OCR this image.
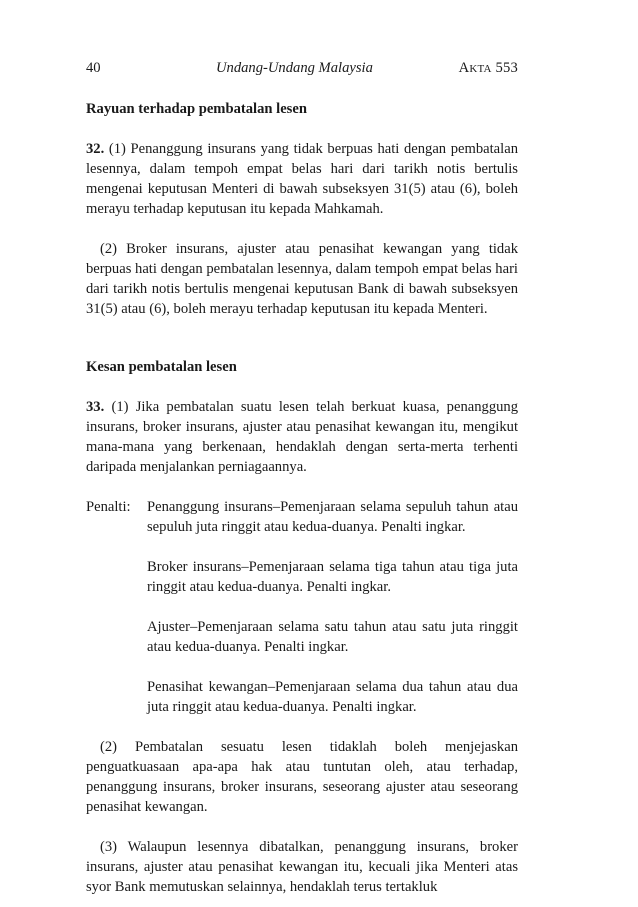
40	Undang-Undang Malaysia	AKTA 553

Rayuan terhadap pembatalan lesen

32. (1) Penanggung insurans yang tidak berpuas hati dengan pembatalan lesennya, dalam tempoh empat belas hari dari tarikh notis bertulis mengenai keputusan Menteri di bawah subseksyen 31(5) atau (6), boleh merayu terhadap keputusan itu kepada Mahkamah.

(2) Broker insurans, ajuster atau penasihat kewangan yang tidak berpuas hati dengan pembatalan lesennya, dalam tempoh empat belas hari dari tarikh notis bertulis mengenai keputusan Bank di bawah subseksyen 31(5) atau (6), boleh merayu terhadap keputusan itu kepada Menteri.

Kesan pembatalan lesen

33. (1) Jika pembatalan suatu lesen telah berkuat kuasa, penanggung insurans, broker insurans, ajuster atau penasihat kewangan itu, mengikut mana-mana yang berkenaan, hendaklah dengan serta-merta terhenti daripada menjalankan perniagaannya.

Penalti:	Penanggung insurans–Pemenjaraan selama sepuluh tahun atau sepuluh juta ringgit atau kedua-duanya. Penalti ingkar.

Broker insurans–Pemenjaraan selama tiga tahun atau tiga juta ringgit atau kedua-duanya. Penalti ingkar.

Ajuster–Pemenjaraan selama satu tahun atau satu juta ringgit atau kedua-duanya. Penalti ingkar.

Penasihat kewangan–Pemenjaraan selama dua tahun atau dua juta ringgit atau kedua-duanya. Penalti ingkar.

(2) Pembatalan sesuatu lesen tidaklah boleh menjejaskan penguatkuasaan apa-apa hak atau tuntutan oleh, atau terhadap, penanggung insurans, broker insurans, seseorang ajuster atau seseorang penasihat kewangan.

(3) Walaupun lesennya dibatalkan, penanggung insurans, broker insurans, ajuster atau penasihat kewangan itu, kecuali jika Menteri atas syor Bank memutuskan selainnya, hendaklah terus tertakluk
